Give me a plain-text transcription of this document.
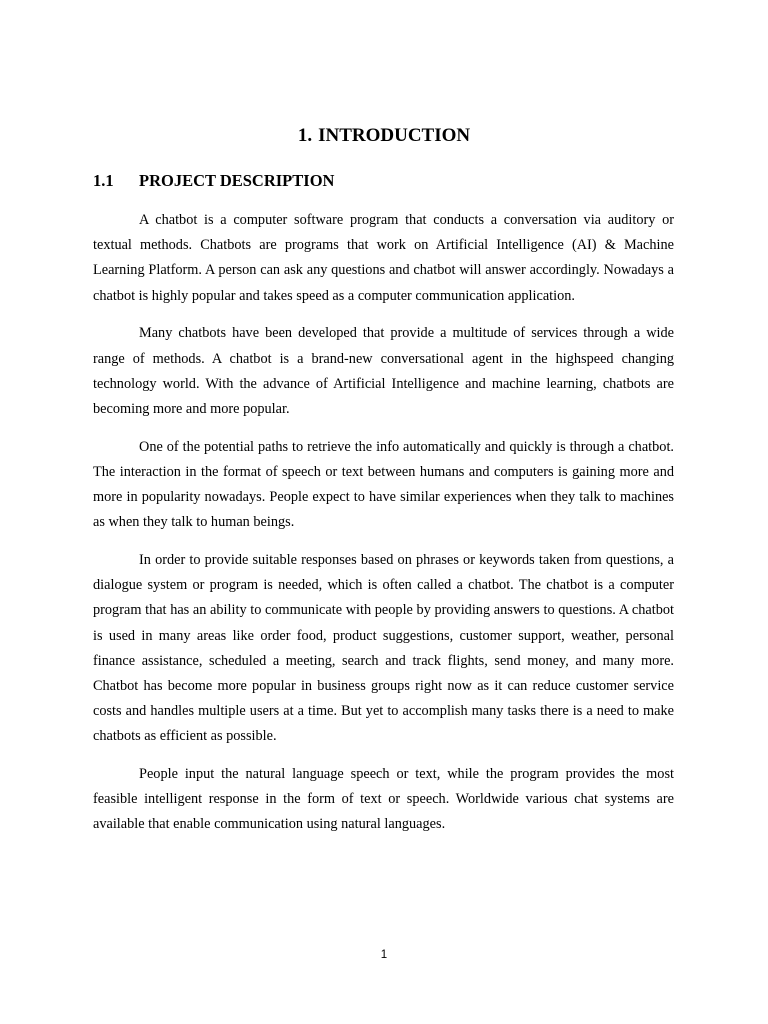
1. INTRODUCTION
1.1 PROJECT DESCRIPTION

A chatbot is a computer software program that conducts a conversation via auditory or textual methods. Chatbots are programs that work on Artificial Intelligence (AI) & Machine Learning Platform. A person can ask any questions and chatbot will answer accordingly. Nowadays a chatbot is highly popular and takes speed as a computer communication application.

Many chatbots have been developed that provide a multitude of services through a wide range of methods. A chatbot is a brand-new conversational agent in the highspeed changing technology world. With the advance of Artificial Intelligence and machine learning, chatbots are becoming more and more popular.

One of the potential paths to retrieve the info automatically and quickly is through a chatbot. The interaction in the format of speech or text between humans and computers is gaining more and more in popularity nowadays. People expect to have similar experiences when they talk to machines as when they talk to human beings.

In order to provide suitable responses based on phrases or keywords taken from questions, a dialogue system or program is needed, which is often called a chatbot. The chatbot is a computer program that has an ability to communicate with people by providing answers to questions. A chatbot is used in many areas like order food, product suggestions, customer support, weather, personal finance assistance, scheduled a meeting, search and track flights, send money, and many more. Chatbot has become more popular in business groups right now as it can reduce customer service costs and handles multiple users at a time. But yet to accomplish many tasks there is a need to make chatbots as efficient as possible.

People input the natural language speech or text, while the program provides the most feasible intelligent response in the form of text or speech. Worldwide various chat systems are available that enable communication using natural languages.

1
